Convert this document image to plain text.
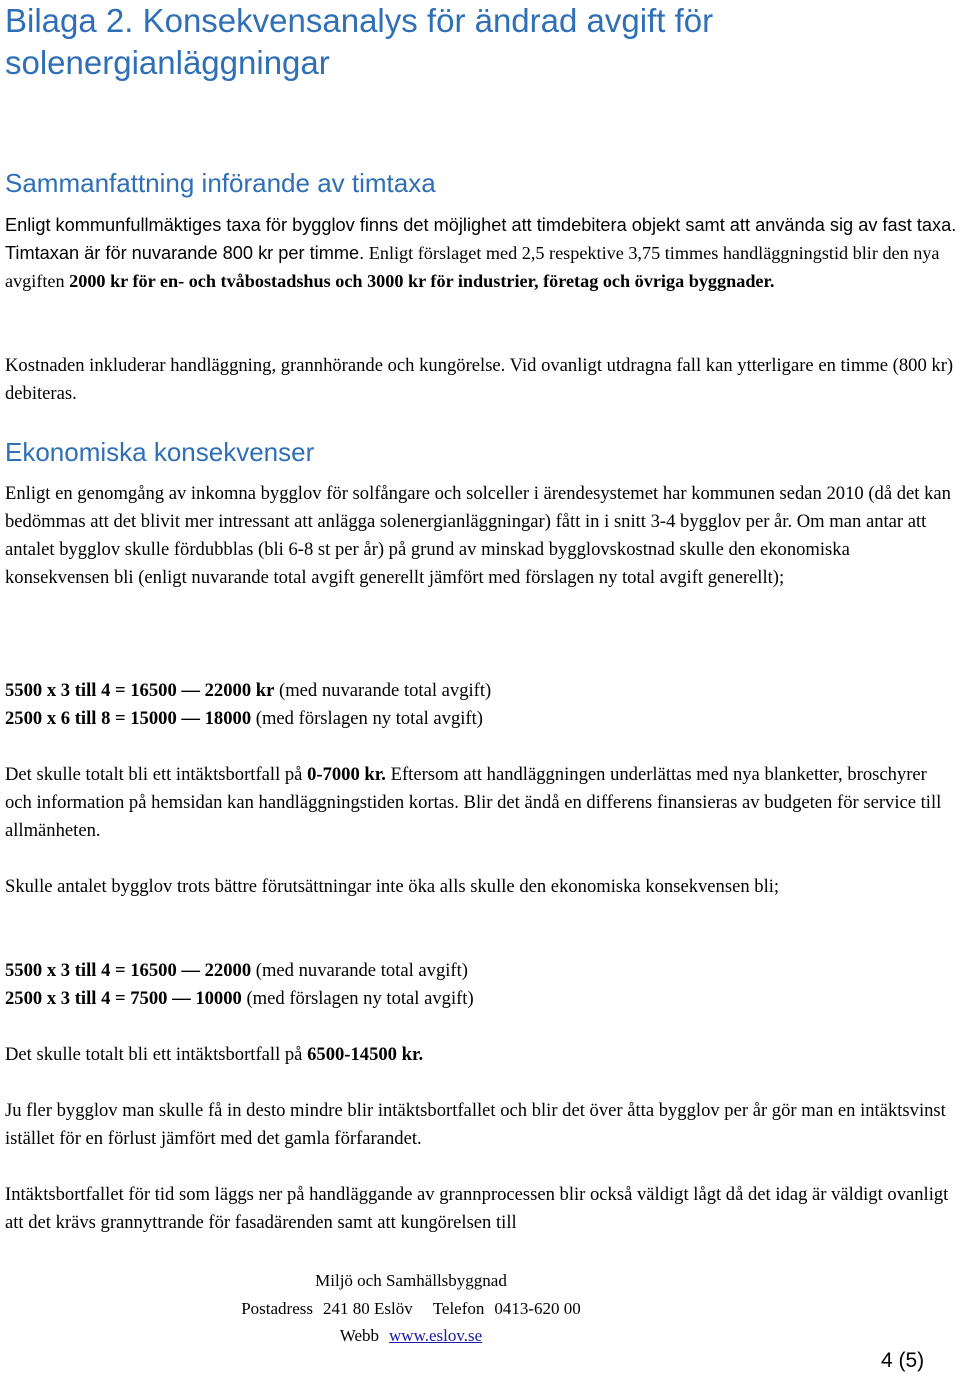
Bilaga 2. Konsekvensanalys för ändrad avgift för solenergianläggningar
Sammanfattning införande av timtaxa

Enligt kommunfullmäktiges taxa för bygglov finns det möjlighet att timdebitera objekt samt att använda sig av fast taxa. Timtaxan är för nuvarande 800 kr per timme. Enligt förslaget med 2,5 respektive 3,75 timmes handläggningstid blir den nya avgiften 2000 kr för en- och tvåbostadshus och 3000 kr för industrier, företag och övriga byggnader.

Kostnaden inkluderar handläggning, grannhörande och kungörelse. Vid ovanligt utdragna fall kan ytterligare en timme (800 kr) debiteras.

Ekonomiska konsekvenser

Enligt en genomgång av inkomna bygglov för solfångare och solceller i ärendesystemet har kommunen sedan 2010 (då det kan bedömmas att det blivit mer intressant att anlägga solenergianläggningar) fått in i snitt 3-4 bygglov per år. Om man antar att antalet bygglov skulle fördubblas (bli 6-8 st per år) på grund av minskad bygglovskostnad skulle den ekonomiska konsekvensen bli (enligt nuvarande total avgift generellt jämfört med förslagen ny total avgift generellt);

5500 x 3 till 4 = 16500 — 22000 kr (med nuvarande total avgift)
2500 x 6 till 8 = 15000 — 18000 (med förslagen ny total avgift)

Det skulle totalt bli ett intäktsbortfall på 0-7000 kr. Eftersom att handläggningen underlättas med nya blanketter, broschyrer och information på hemsidan kan handläggningstiden kortas. Blir det ändå en differens finansieras av budgeten för service till allmänheten.

Skulle antalet bygglov trots bättre förutsättningar inte öka alls skulle den ekonomiska konsekvensen bli;

5500 x 3 till 4 = 16500 — 22000 (med nuvarande total avgift)
2500 x 3 till 4 = 7500 — 10000 (med förslagen ny total avgift)

Det skulle totalt bli ett intäktsbortfall på 6500-14500 kr.

Ju fler bygglov man skulle få in desto mindre blir intäktsbortfallet och blir det över åtta bygglov per år gör man en intäktsvinst istället för en förlust jämfört med det gamla förfarandet.

Intäktsbortfallet för tid som läggs ner på handläggande av grannprocessen blir också väldigt lågt då det idag är väldigt ovanligt att det krävs grannyttrande för fasadärenden samt att kungörelsen till

Miljö och Samhällsbyggnad
Postadress 241 80 Eslöv Telefon 0413-620 00
Webb www.eslov.se
4 (5)
